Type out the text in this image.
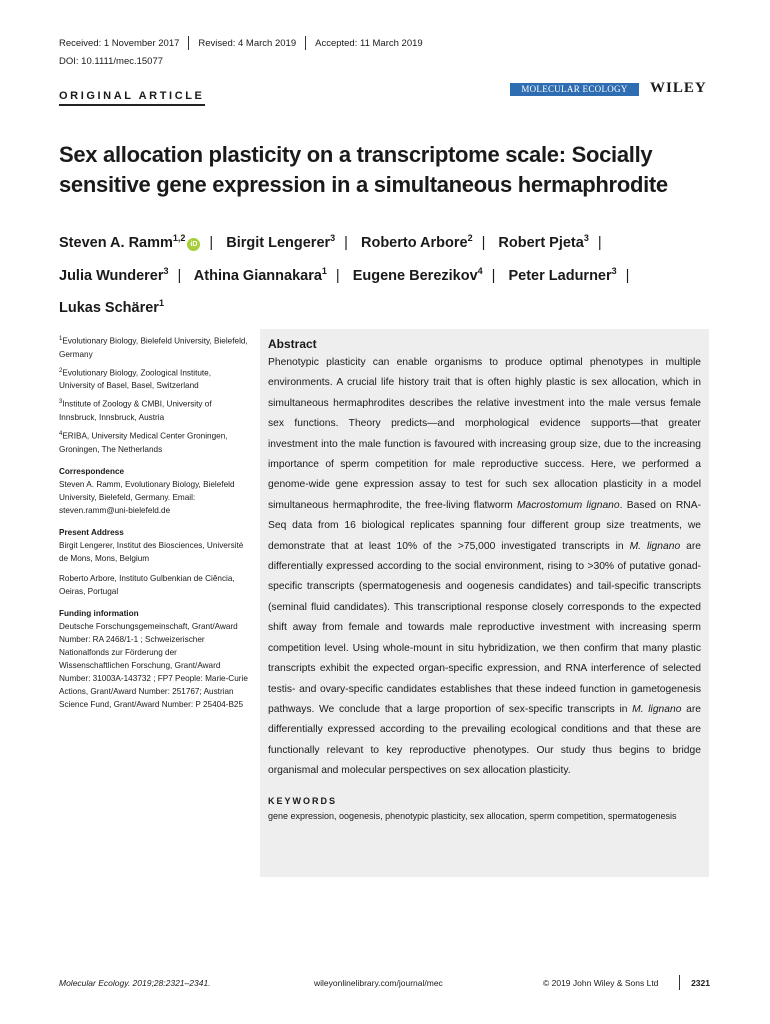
Received: 1 November 2017 Revised: 4 March 2019 Accepted: 11 March 2019
DOI: 10.1111/mec.15077
ORIGINAL ARTICLE
MOLECULAR ECOLOGY	WILEY
Sex allocation plasticity on a transcriptome scale: Socially sensitive gene expression in a simultaneous hermaphrodite
Steven A. Ramm$^{1,2}$iD | Birgit Lengerer$^3$ | Roberto Arbore$^2$ | Robert Pjeta$^3$ |
Julia Wunderer$^3$ | Athina Giannakara$^1$ | Eugene Berezikov$^4$ | Peter Ladurner$^3$ |
Lukas Schärer$^1$
$^1$Evolutionary Biology, Bielefeld University, Bielefeld, Germany
$^2$Evolutionary Biology, Zoological Institute, University of Basel, Basel, Switzerland
$^3$Institute of Zoology & CMBI, University of Innsbruck, Innsbruck, Austria
$^4$ERIBA, University Medical Center Groningen, Groningen, The Netherlands
Correspondence
Steven A. Ramm, Evolutionary Biology, Bielefeld University, Bielefeld, Germany. Email: steven.ramm@uni-bielefeld.de
Present Address
Birgit Lengerer, Institut des Biosciences, Université de Mons, Mons, Belgium
Roberto Arbore, Instituto Gulbenkian de Ciência, Oeiras, Portugal
Funding information
Deutsche Forschungsgemeinschaft, Grant/Award Number: RA 2468/1-1 ; Schweizerischer Nationalfonds zur Förderung der Wissenschaftlichen Forschung, Grant/Award Number: 31003A-143732 ; FP7 People: Marie-Curie Actions, Grant/Award Number: 251767; Austrian Science Fund, Grant/Award Number: P 25404-B25
Abstract

Phenotypic plasticity can enable organisms to produce optimal phenotypes in multiple environments. A crucial life history trait that is often highly plastic is sex allocation, which in simultaneous hermaphrodites describes the relative investment into the male versus female sex functions. Theory predicts—and morphological evidence supports—that greater investment into the male function is favoured with increasing group size, due to the increasing importance of sperm competition for male reproductive success. Here, we performed a genome-wide gene expression assay to test for such sex allocation plasticity in a model simultaneous hermaphrodite, the free-living flatworm Macrostomum lignano. Based on RNA-Seq data from 16 biological replicates spanning four different group size treatments, we demonstrate that at least 10% of the >75,000 investigated transcripts in M. lignano are differentially expressed according to the social environment, rising to >30% of putative gonad-specific transcripts (spermatogenesis and oogenesis candidates) and tail-specific transcripts (seminal fluid candidates). This transcriptional response closely corresponds to the expected shift away from female and towards male reproductive investment with increasing sperm competition level. Using whole-mount in situ hybridization, we then confirm that many plastic transcripts exhibit the expected organ-specific expression, and RNA interference of selected testis- and ovary-specific candidates establishes that these indeed function in gametogenesis pathways. We conclude that a large proportion of sex-specific transcripts in M. lignano are differentially expressed according to the prevailing ecological conditions and that these are functionally relevant to key reproductive phenotypes. Our study thus begins to bridge organismal and molecular perspectives on sex allocation plasticity.

KEYWORDS
gene expression, oogenesis, phenotypic plasticity, sex allocation, sperm competition, spermatogenesis
Molecular Ecology. 2019;28:2321–2341.	wileyonlinelibrary.com/journal/mec	© 2019 John Wiley & Sons Ltd	2321
